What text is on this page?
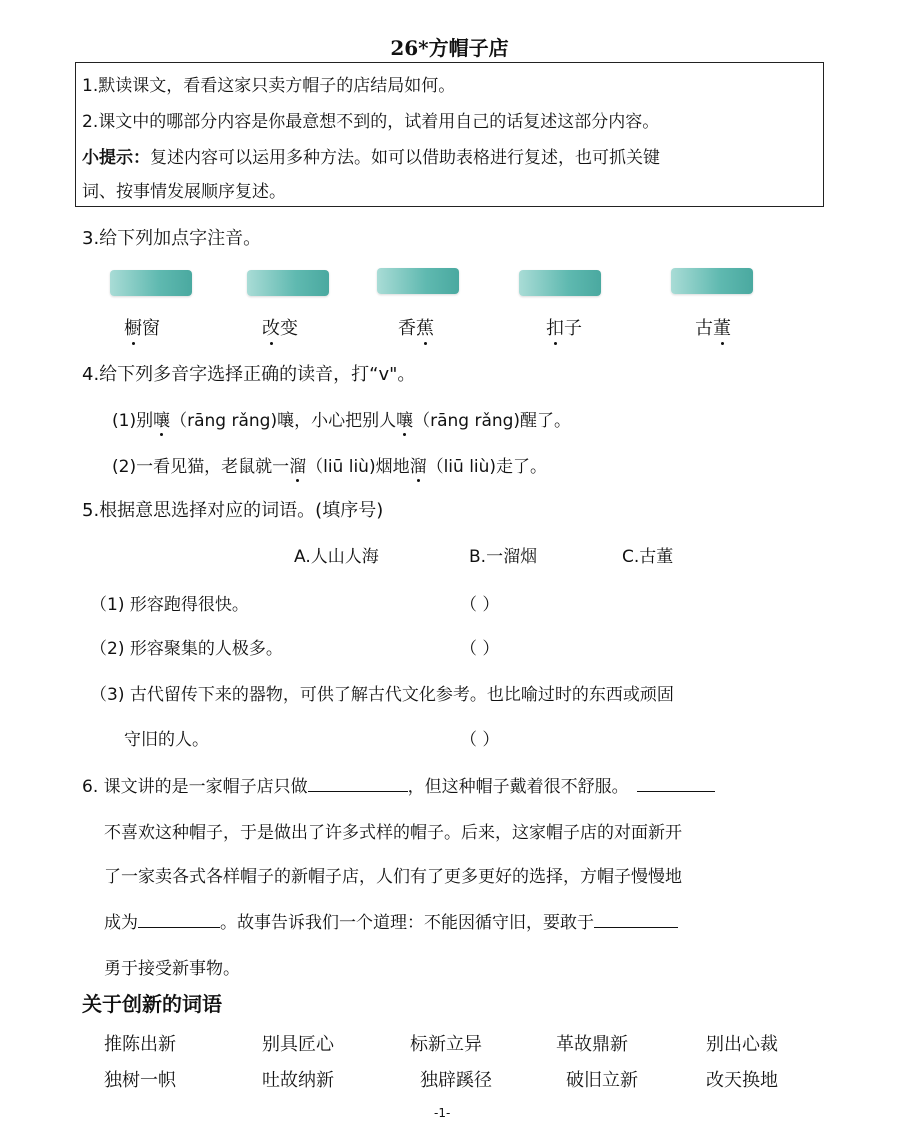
26*方帽子店
1.默读课文，看看这家只卖方帽子的店结局如何。
2.课文中的哪部分内容是你最意想不到的，试着用自己的话复述这部分内容。
小提示：复述内容可以运用多种方法。如可以借助表格进行复述，也可抓关键
词、按事情发展顺序复述。
3.给下列加点字注音。
橱窗	改变	香蕉	扣子	古董
4.给下列多音字选择正确的读音，打“v"。
(1)别嚷（rāng rǎng)嚷，小心把别人嚷（rāng rǎng)醒了。
(2)一看见猫，老鼠就一溜（liū liù)烟地溜（liū liù)走了。
5.根据意思选择对应的词语。(填序号)
A.人山人海	B.一溜烟	C.古董
（1) 形容跑得很快。	（ ）
（2) 形容聚集的人极多。	（ ）
（3) 古代留传下来的器物，可供了解古代文化参考。也比喻过时的东西或顽固
守旧的人。	（ ）
6. 课文讲的是一家帽子店只做	，但这种帽子戴着很不舒服。
不喜欢这种帽子，于是做出了许多式样的帽子。后来，这家帽子店的对面新开
了一家卖各式各样帽子的新帽子店，人们有了更多更好的选择，方帽子慢慢地
成为	。故事告诉我们一个道理：不能因循守旧，要敢于
勇于接受新事物。
关于创新的词语
推陈出新	别具匠心	标新立异	革故鼎新	别出心裁
独树一帜	吐故纳新	独辟蹊径	破旧立新	改天换地
-1-
